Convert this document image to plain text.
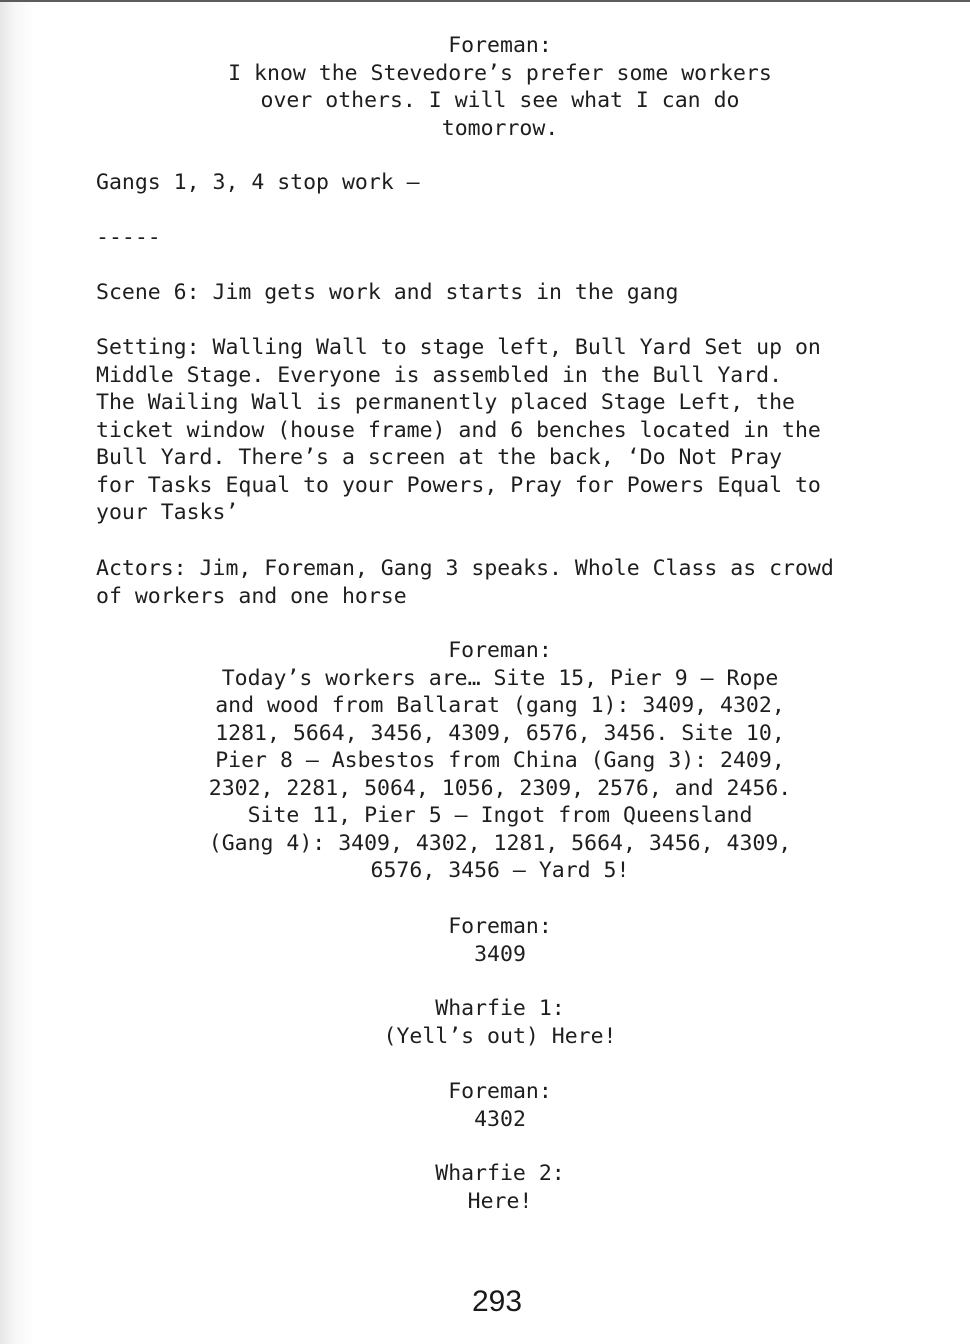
Foreman:
I know the Stevedore’s prefer some workers
over others. I will see what I can do
tomorrow.
Gangs 1, 3, 4 stop work –
-----
Scene 6: Jim gets work and starts in the gang
Setting: Walling Wall to stage left, Bull Yard Set up on
Middle Stage. Everyone is assembled in the Bull Yard.
The Wailing Wall is permanently placed Stage Left, the
ticket window (house frame) and 6 benches located in the
Bull Yard. There’s a screen at the back, ‘Do Not Pray
for Tasks Equal to your Powers, Pray for Powers Equal to
your Tasks’
Actors: Jim, Foreman, Gang 3 speaks. Whole Class as crowd
of workers and one horse
Foreman:
Today’s workers are… Site 15, Pier 9 – Rope
and wood from Ballarat (gang 1): 3409, 4302,
1281, 5664, 3456, 4309, 6576, 3456. Site 10,
Pier 8 – Asbestos from China (Gang 3): 2409,
2302, 2281, 5064, 1056, 2309, 2576, and 2456.
Site 11, Pier 5 – Ingot from Queensland
(Gang 4): 3409, 4302, 1281, 5664, 3456, 4309,
6576, 3456 – Yard 5!
Foreman:
3409
Wharfie 1:
(Yell’s out) Here!
Foreman:
4302
Wharfie 2:
Here!
293
